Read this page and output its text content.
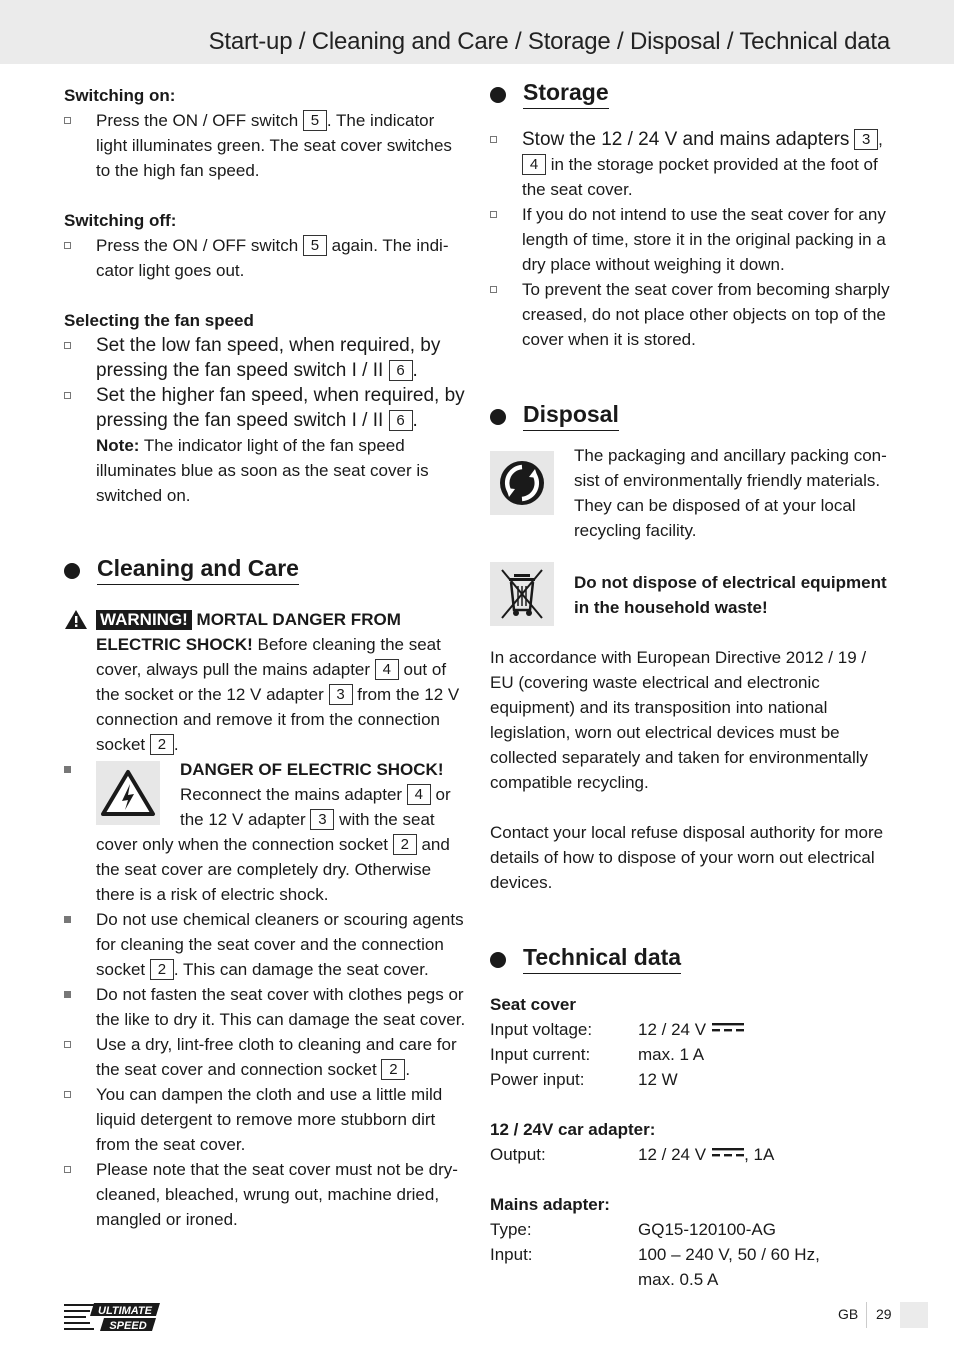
Start-up / Cleaning and Care / Storage / Disposal / Technical data

Switching on:

Press the ON / OFF switch 5 . The indicator light illuminates green. The seat cover switches to the high fan speed.

Switching off:

Press the ON / OFF switch 5 again. The indicator light goes out.

Selecting the fan speed

Set the low fan speed, when required, by pressing the fan speed switch I / II 6 .
Set the higher fan speed, when required, by pressing the fan speed switch I / II 6 .
Note: The indicator light of the fan speed illuminates blue as soon as the seat cover is switched on.
Cleaning and Care
WARNING! MORTAL DANGER FROM ELECTRIC SHOCK! Before cleaning the seat cover, always pull the mains adapter 4 out of the socket or the 12 V adapter 3 from the 12 V connection and remove it from the connection socket 2 .
DANGER OF ELECTRIC SHOCK!
Reconnect the mains adapter 4 or the 12 V adapter 3 with the seat cover only when the connection socket 2 and the seat cover are completely dry. Otherwise there is a risk of electric shock.
Do not use chemical cleaners or scouring agents for cleaning the seat cover and the connection socket 2 . This can damage the seat cover.
Do not fasten the seat cover with clothes pegs or the like to dry it. This can damage the seat cover.
Use a dry, lint-free cloth to cleaning and care for the seat cover and connection socket 2 .
You can dampen the cloth and use a little mild liquid detergent to remove more stubborn dirt from the seat cover.
Please note that the seat cover must not be dry-cleaned, bleached, wrung out, machine dried, mangled or ironed.
Storage
Stow the 12 / 24 V and mains adapters 3 , 4 in the storage pocket provided at the foot of the seat cover.
If you do not intend to use the seat cover for any length of time, store it in the original packing in a dry place without weighing it down.
To prevent the seat cover from becoming sharply creased, do not place other objects on top of the cover when it is stored.
Disposal
The packaging and ancillary packing consist of environmentally friendly materials. They can be disposed of at your local recycling facility.
Do not dispose of electrical equipment in the household waste!
In accordance with European Directive 2012 / 19 / EU (covering waste electrical and electronic equipment) and its transposition into national legislation, worn out electrical devices must be collected separately and taken for environmentally compatible recycling.
Contact your local refuse disposal authority for more details of how to dispose of your worn out electrical devices.
Technical data

Seat cover

Input voltage:	12 / 24 V
Input current:	max. 1 A
Power input:	12 W

12 / 24V car adapter:

Output:	12 / 24 V , 1A

Mains adapter:

Type:	GQ15-120100-AG
Input:	100 – 240 V, 50 / 60 Hz,
max. 0.5 A
ULTIMATE
SPEED
GB 29
